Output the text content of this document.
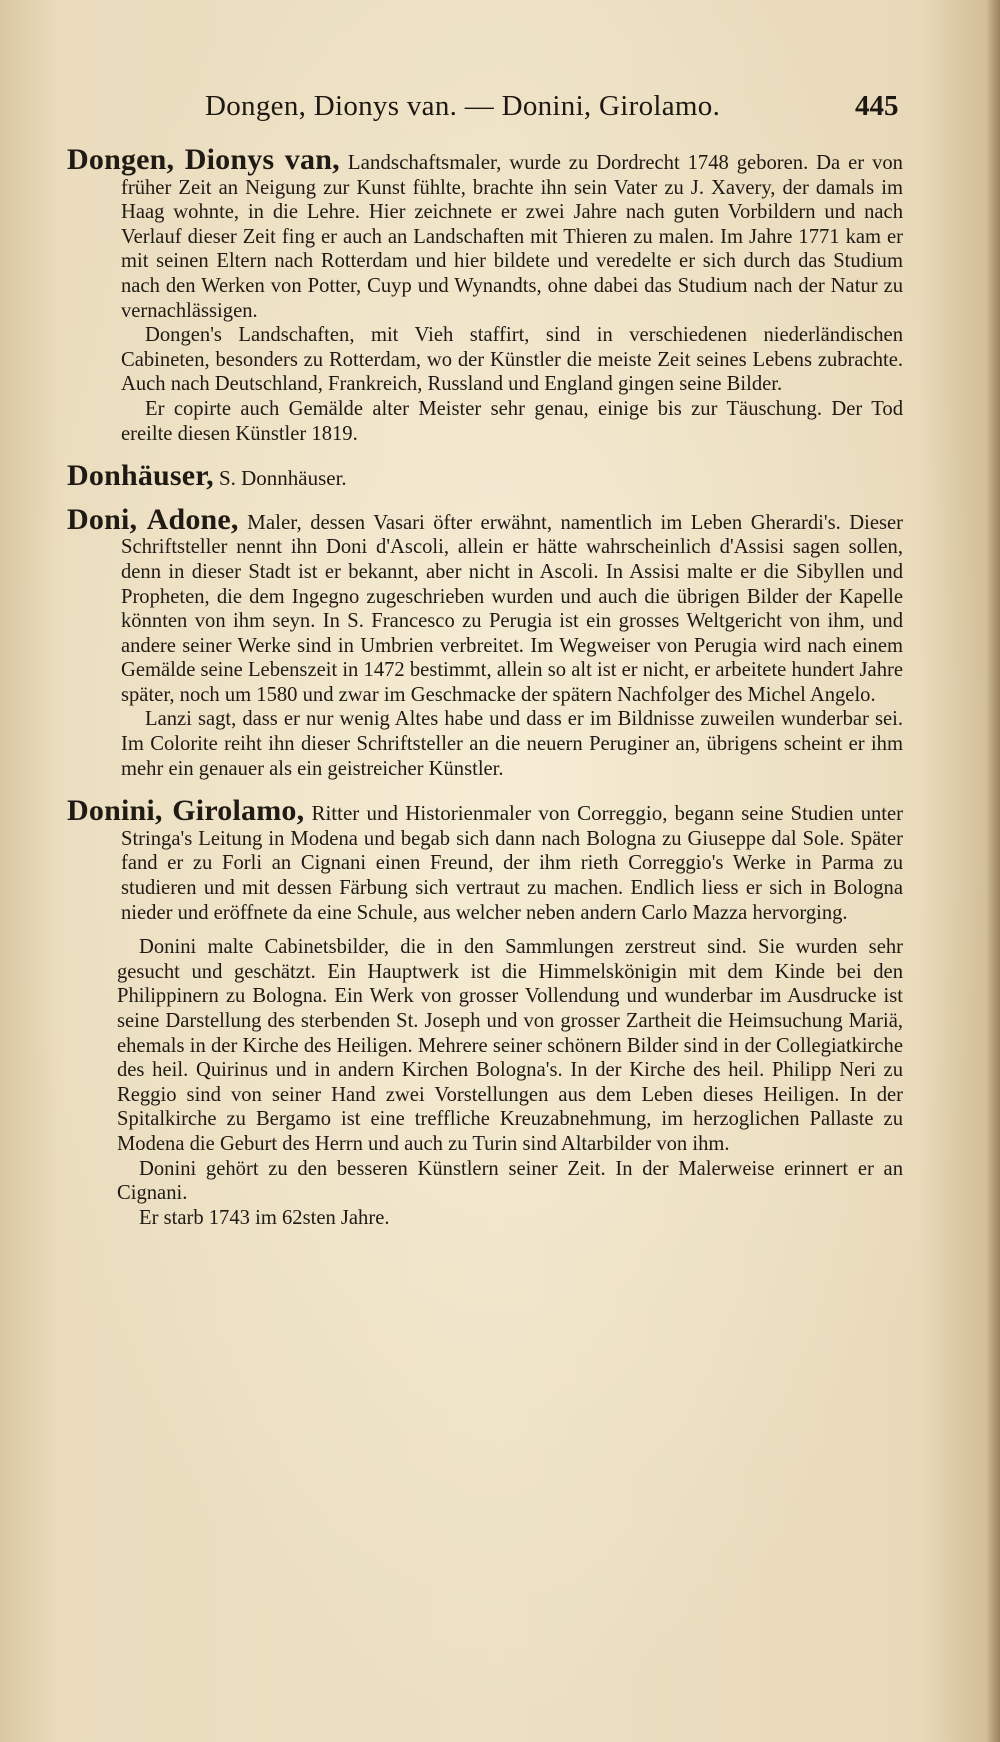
Dongen, Dionys van. — Donini, Girolamo.	445

Dongen, Dionys van, Landschaftsmaler, wurde zu Dordrecht 1748 geboren. Da er von früher Zeit an Neigung zur Kunst fühlte, brachte ihn sein Vater zu J. Xavery, der damals im Haag wohnte, in die Lehre. Hier zeichnete er zwei Jahre nach guten Vorbildern und nach Verlauf dieser Zeit fing er auch an Landschaften mit Thieren zu malen. Im Jahre 1771 kam er mit seinen Eltern nach Rotterdam und hier bildete und veredelte er sich durch das Studium nach den Werken von Potter, Cuyp und Wynandts, ohne dabei das Studium nach der Natur zu vernachlässigen.

Dongen's Landschaften, mit Vieh staffirt, sind in verschiedenen niederländischen Cabineten, besonders zu Rotterdam, wo der Künstler die meiste Zeit seines Lebens zubrachte. Auch nach Deutschland, Frankreich, Russland und England gingen seine Bilder.

Er copirte auch Gemälde alter Meister sehr genau, einige bis zur Täuschung. Der Tod ereilte diesen Künstler 1819.

Donhäuser, S. Donnhäuser.

Doni, Adone, Maler, dessen Vasari öfter erwähnt, namentlich im Leben Gherardi's. Dieser Schriftsteller nennt ihn Doni d'Ascoli, allein er hätte wahrscheinlich d'Assisi sagen sollen, denn in dieser Stadt ist er bekannt, aber nicht in Ascoli. In Assisi malte er die Sibyllen und Propheten, die dem Ingegno zugeschrieben wurden und auch die übrigen Bilder der Kapelle könnten von ihm seyn. In S. Francesco zu Perugia ist ein grosses Weltgericht von ihm, und andere seiner Werke sind in Umbrien verbreitet. Im Wegweiser von Perugia wird nach einem Gemälde seine Lebenszeit in 1472 bestimmt, allein so alt ist er nicht, er arbeitete hundert Jahre später, noch um 1580 und zwar im Geschmacke der spätern Nachfolger des Michel Angelo.

Lanzi sagt, dass er nur wenig Altes habe und dass er im Bildnisse zuweilen wunderbar sei. Im Colorite reiht ihn dieser Schriftsteller an die neuern Peruginer an, übrigens scheint er ihm mehr ein genauer als ein geistreicher Künstler.

Donini, Girolamo, Ritter und Historienmaler von Correggio, begann seine Studien unter Stringa's Leitung in Modena und begab sich dann nach Bologna zu Giuseppe dal Sole. Später fand er zu Forli an Cignani einen Freund, der ihm rieth Correggio's Werke in Parma zu studieren und mit dessen Färbung sich vertraut zu machen. Endlich liess er sich in Bologna nieder und eröffnete da eine Schule, aus welcher neben andern Carlo Mazza hervorging.

Donini malte Cabinetsbilder, die in den Sammlungen zerstreut sind. Sie wurden sehr gesucht und geschätzt. Ein Hauptwerk ist die Himmelskönigin mit dem Kinde bei den Philippinern zu Bologna. Ein Werk von grosser Vollendung und wunderbar im Ausdrucke ist seine Darstellung des sterbenden St. Joseph und von grosser Zartheit die Heimsuchung Mariä, ehemals in der Kirche des Heiligen. Mehrere seiner schönern Bilder sind in der Collegiatkirche des heil. Quirinus und in andern Kirchen Bologna's. In der Kirche des heil. Philipp Neri zu Reggio sind von seiner Hand zwei Vorstellungen aus dem Leben dieses Heiligen. In der Spitalkirche zu Bergamo ist eine treffliche Kreuzabnehmung, im herzoglichen Pallaste zu Modena die Geburt des Herrn und auch zu Turin sind Altarbilder von ihm.

Donini gehört zu den besseren Künstlern seiner Zeit. In der Malerweise erinnert er an Cignani.

Er starb 1743 im 62sten Jahre.
